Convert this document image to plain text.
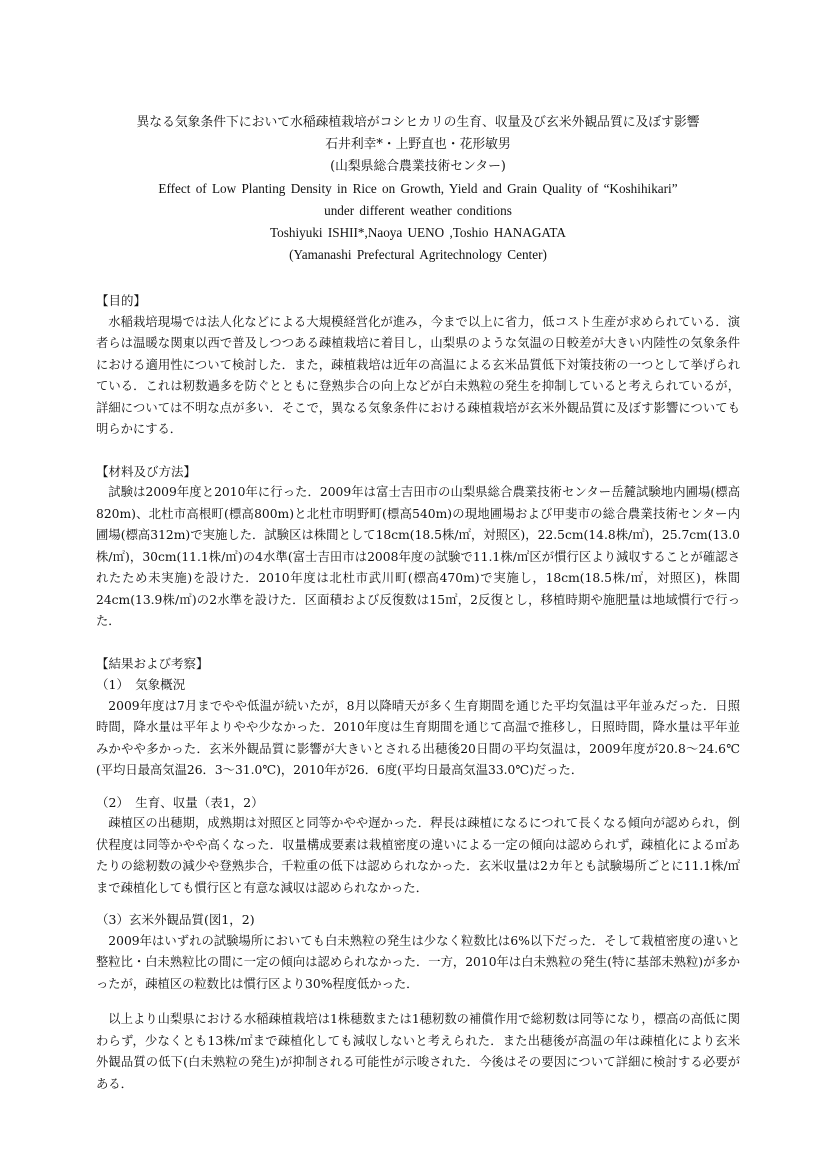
異なる気象条件下において水稲疎植栽培がコシヒカリの生育、収量及び玄米外観品質に及ぼす影響
石井利幸*・上野直也・花形敏男
(山梨県総合農業技術センター)
Effect of Low Planting Density in Rice on Growth, Yield and Grain Quality of “Koshihikari”
under different weather conditions
Toshiyuki ISHII*,Naoya UENO ,Toshio HANAGATA
(Yamanashi Prefectural Agritechnology Center)
【目的】

水稲栽培現場では法人化などによる大規模経営化が進み，今まで以上に省力，低コスト生産が求められている．演者らは温暖な関東以西で普及しつつある疎植栽培に着目し，山梨県のような気温の日較差が大きい内陸性の気象条件における適用性について検討した．また，疎植栽培は近年の高温による玄米品質低下対策技術の一つとして挙げられている．これは籾数過多を防ぐとともに登熟歩合の向上などが白未熟粒の発生を抑制していると考えられているが，詳細については不明な点が多い．そこで，異なる気象条件における疎植栽培が玄米外観品質に及ぼす影響についても明らかにする．

【材料及び方法】

試験は2009年度と2010年に行った．2009年は富士吉田市の山梨県総合農業技術センター岳麓試験地内圃場(標高820m)、北杜市高根町(標高800m)と北杜市明野町(標高540m)の現地圃場および甲斐市の総合農業技術センター内圃場(標高312m)で実施した．試験区は株間として18cm(18.5株/㎡，対照区)，22.5cm(14.8株/㎡)，25.7cm(13.0株/㎡)，30cm(11.1株/㎡)の4水準(富士吉田市は2008年度の試験で11.1株/㎡区が慣行区より減収することが確認されたため未実施)を設けた．2010年度は北杜市武川町(標高470m)で実施し，18cm(18.5株/㎡，対照区)，株間24cm(13.9株/㎡)の2水準を設けた．区面積および反復数は15㎡，2反復とし，移植時期や施肥量は地域慣行で行った．

【結果および考察】
（1）　気象概況

2009年度は7月までやや低温が続いたが，8月以降晴天が多く生育期間を通じた平均気温は平年並みだった．日照時間，降水量は平年よりやや少なかった．2010年度は生育期間を通じて高温で推移し，日照時間，降水量は平年並みかやや多かった．玄米外観品質に影響が大きいとされる出穂後20日間の平均気温は，2009年度が20.8～24.6℃(平均日最高気温26．3～31.0℃)，2010年が26．6度(平均日最高気温33.0℃)だった．

（2）　生育、収量（表1，2）

疎植区の出穂期，成熟期は対照区と同等かやや遅かった．稈長は疎植になるにつれて長くなる傾向が認められ，倒伏程度は同等かやや高くなった．収量構成要素は栽植密度の違いによる一定の傾向は認められず，疎植化による㎡あたりの総籾数の減少や登熟歩合，千粒重の低下は認められなかった．玄米収量は2カ年とも試験場所ごとに11.1株/㎡まで疎植化しても慣行区と有意な減収は認められなかった．

（3）玄米外観品質(図1，2)

2009年はいずれの試験場所においても白未熟粒の発生は少なく粒数比は6%以下だった．そして栽植密度の違いと整粒比・白未熟粒比の間に一定の傾向は認められなかった．一方，2010年は白未熟粒の発生(特に基部未熟粒)が多かったが，疎植区の粒数比は慣行区より30%程度低かった．

以上より山梨県における水稲疎植栽培は1株穂数または1穂籾数の補償作用で総籾数は同等になり，標高の高低に関わらず，少なくとも13株/㎡まで疎植化しても減収しないと考えられた．また出穂後が高温の年は疎植化により玄米外観品質の低下(白未熟粒の発生)が抑制される可能性が示唆された．今後はその要因について詳細に検討する必要がある．
